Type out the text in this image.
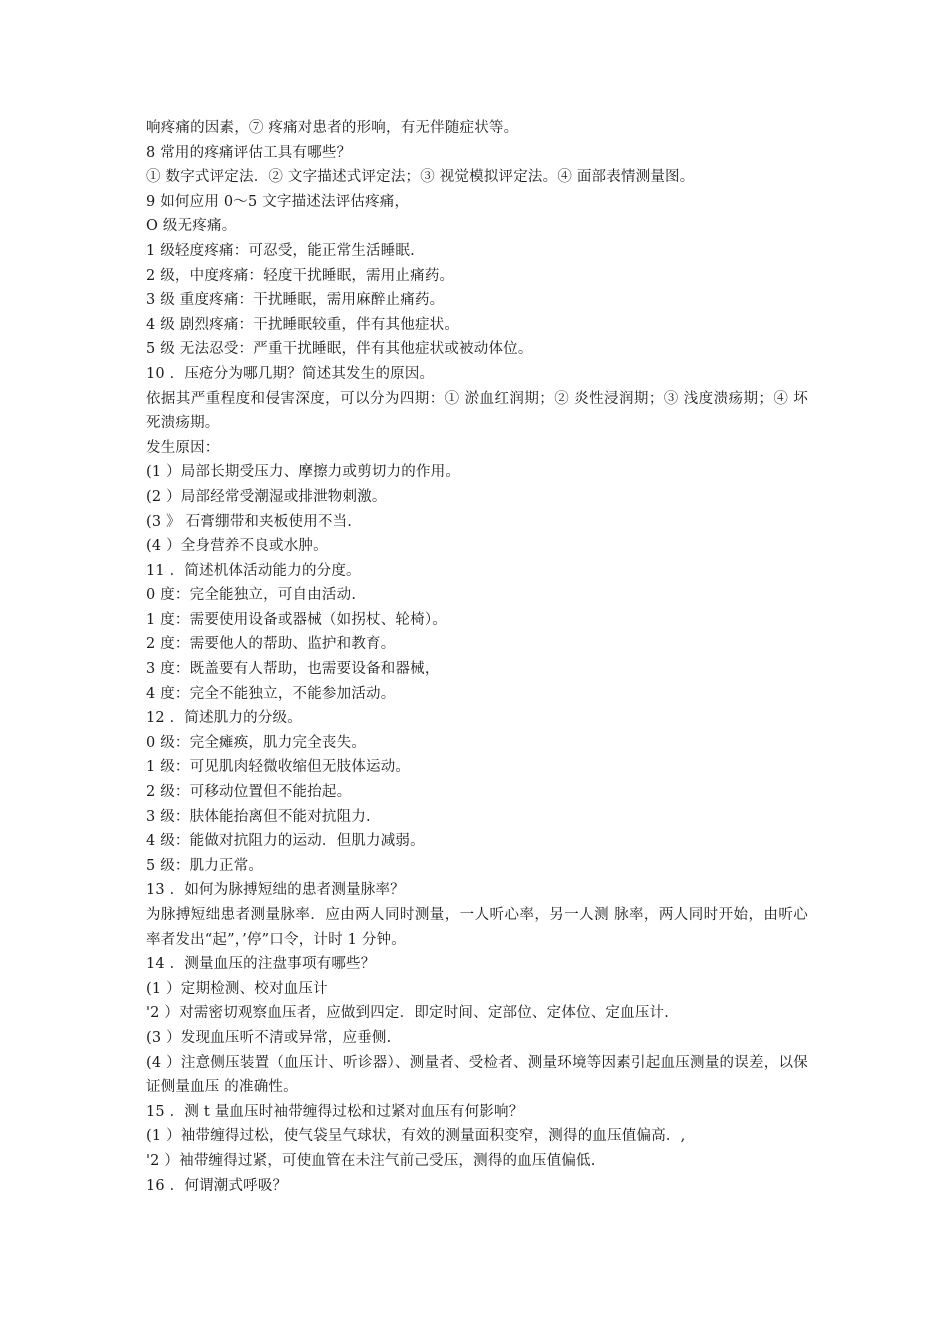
响疼痛的因素，⑦ 疼痛对患者的形响，有无伴随症状等。
8 常用的疼痛评估工具有哪些？
① 数字式评定法．② 文字描述式评定法；③ 视觉模拟评定法。④ 面部表情测量图。
9 如何应用 0～5 文字描述法评估疼痛，
O 级无疼痛。
1 级轻度疼痛：可忍受，能正常生活睡眠.
2 级，中度疼痛：轻度干扰睡眠，需用止痛药。
3 级 重度疼痛：干扰睡眠，需用麻醉止痛药。
4 级 剧烈疼痛：干扰睡眠较重，伴有其他症状。
5 级 无法忍受：严重干扰睡眠，伴有其他症状或被动体位。
10 ．压疮分为哪几期？简述其发生的原因。
依据其严重程度和侵害深度，可以分为四期：① 淤血红润期；② 炎性浸润期；③ 浅度溃疡期；④ 坏死溃疡期。
发生原因：
(1 ）局部长期受压力、摩擦力或剪切力的作用。
(2 ）局部经常受潮湿或排泄物刺激。
(3 》 石膏绷带和夹板使用不当.
(4 ）全身营养不良或水肿。
11 ．简述机体活动能力的分度。
0 度：完全能独立，可自由活动.
1 度：需要使用设备或器械（如拐杖、轮椅）。
2 度：需要他人的帮助、监护和教育。
3 度：既盖要有人帮助，也需要设备和器械，
4 度：完全不能独立，不能参加活动。
12 ．简述肌力的分级。
0 级：完全瘫痪，肌力完全丧失。
1 级：可见肌肉轻微收缩但无肢体运动。
2 级：可移动位置但不能抬起。
3 级：肤体能抬离但不能对抗阻力.
4 级：能做对抗阻力的运动．但肌力减弱。
5 级：肌力正常。
13 ．如何为脉搏短绌的患者测量脉率？
为脉搏短绌患者测量脉率．应由两人同时测量，一人听心率，另一人测 脉率，两人同时开始，由听心率者发出“起”，’停”口令，计时 1 分钟。
14 ．测量血压的注盘事项有哪些？
(1 ）定期检测、校对血压计
'2 ）对需密切观察血压者，应做到四定．即定时间、定部位、定体位、定血压计.
(3 ）发现血压听不清或异常，应垂侧.
(4 ）注意侧压装置（血压计、听诊器）、测量者、受检者、测量环境等因素引起血压测量的误差，以保证侧量血压 的准确性。
15 ．测 t 量血压时袖带缠得过松和过紧对血压有何影响？
(1 ）袖带缠得过松，使气袋呈气球状，有效的测量面积变窄，测得的血压值偏高．,
'2 ）袖带缠得过紧，可使血管在未注气前己受压，测得的血压值偏低.
16 ．何谓潮式呼吸？
